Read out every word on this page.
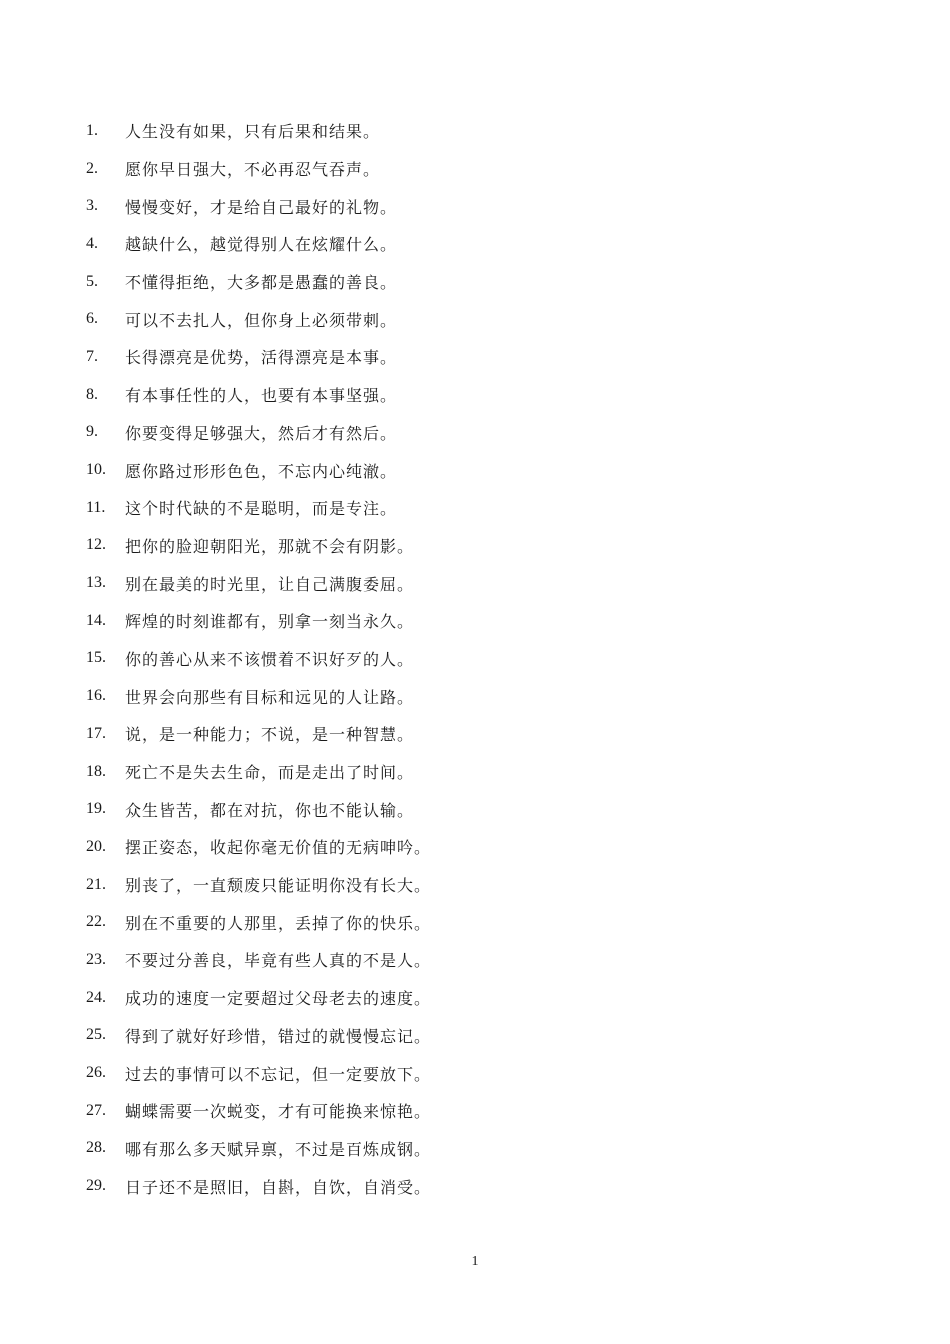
1.	人生没有如果，只有后果和结果。
2.	愿你早日强大，不必再忍气吞声。
3.	慢慢变好，才是给自己最好的礼物。
4.	越缺什么，越觉得别人在炫耀什么。
5.	不懂得拒绝，大多都是愚蠢的善良。
6.	可以不去扎人，但你身上必须带刺。
7.	长得漂亮是优势，活得漂亮是本事。
8.	有本事任性的人，也要有本事坚强。
9.	你要变得足够强大，然后才有然后。
10.	愿你路过形形色色，不忘内心纯澈。
11.	这个时代缺的不是聪明，而是专注。
12.	把你的脸迎朝阳光，那就不会有阴影。
13.	别在最美的时光里，让自己满腹委屈。
14.	辉煌的时刻谁都有，别拿一刻当永久。
15.	你的善心从来不该惯着不识好歹的人。
16.	世界会向那些有目标和远见的人让路。
17.	说，是一种能力；不说，是一种智慧。
18.	死亡不是失去生命，而是走出了时间。
19.	众生皆苦，都在对抗，你也不能认输。
20.	摆正姿态，收起你毫无价值的无病呻吟。
21.	别丧了，一直颓废只能证明你没有长大。
22.	别在不重要的人那里，丢掉了你的快乐。
23.	不要过分善良，毕竟有些人真的不是人。
24.	成功的速度一定要超过父母老去的速度。
25.	得到了就好好珍惜，错过的就慢慢忘记。
26.	过去的事情可以不忘记，但一定要放下。
27.	蝴蝶需要一次蜕变，才有可能换来惊艳。
28.	哪有那么多天赋异禀，不过是百炼成钢。
29.	日子还不是照旧，自斟，自饮，自消受。
1
